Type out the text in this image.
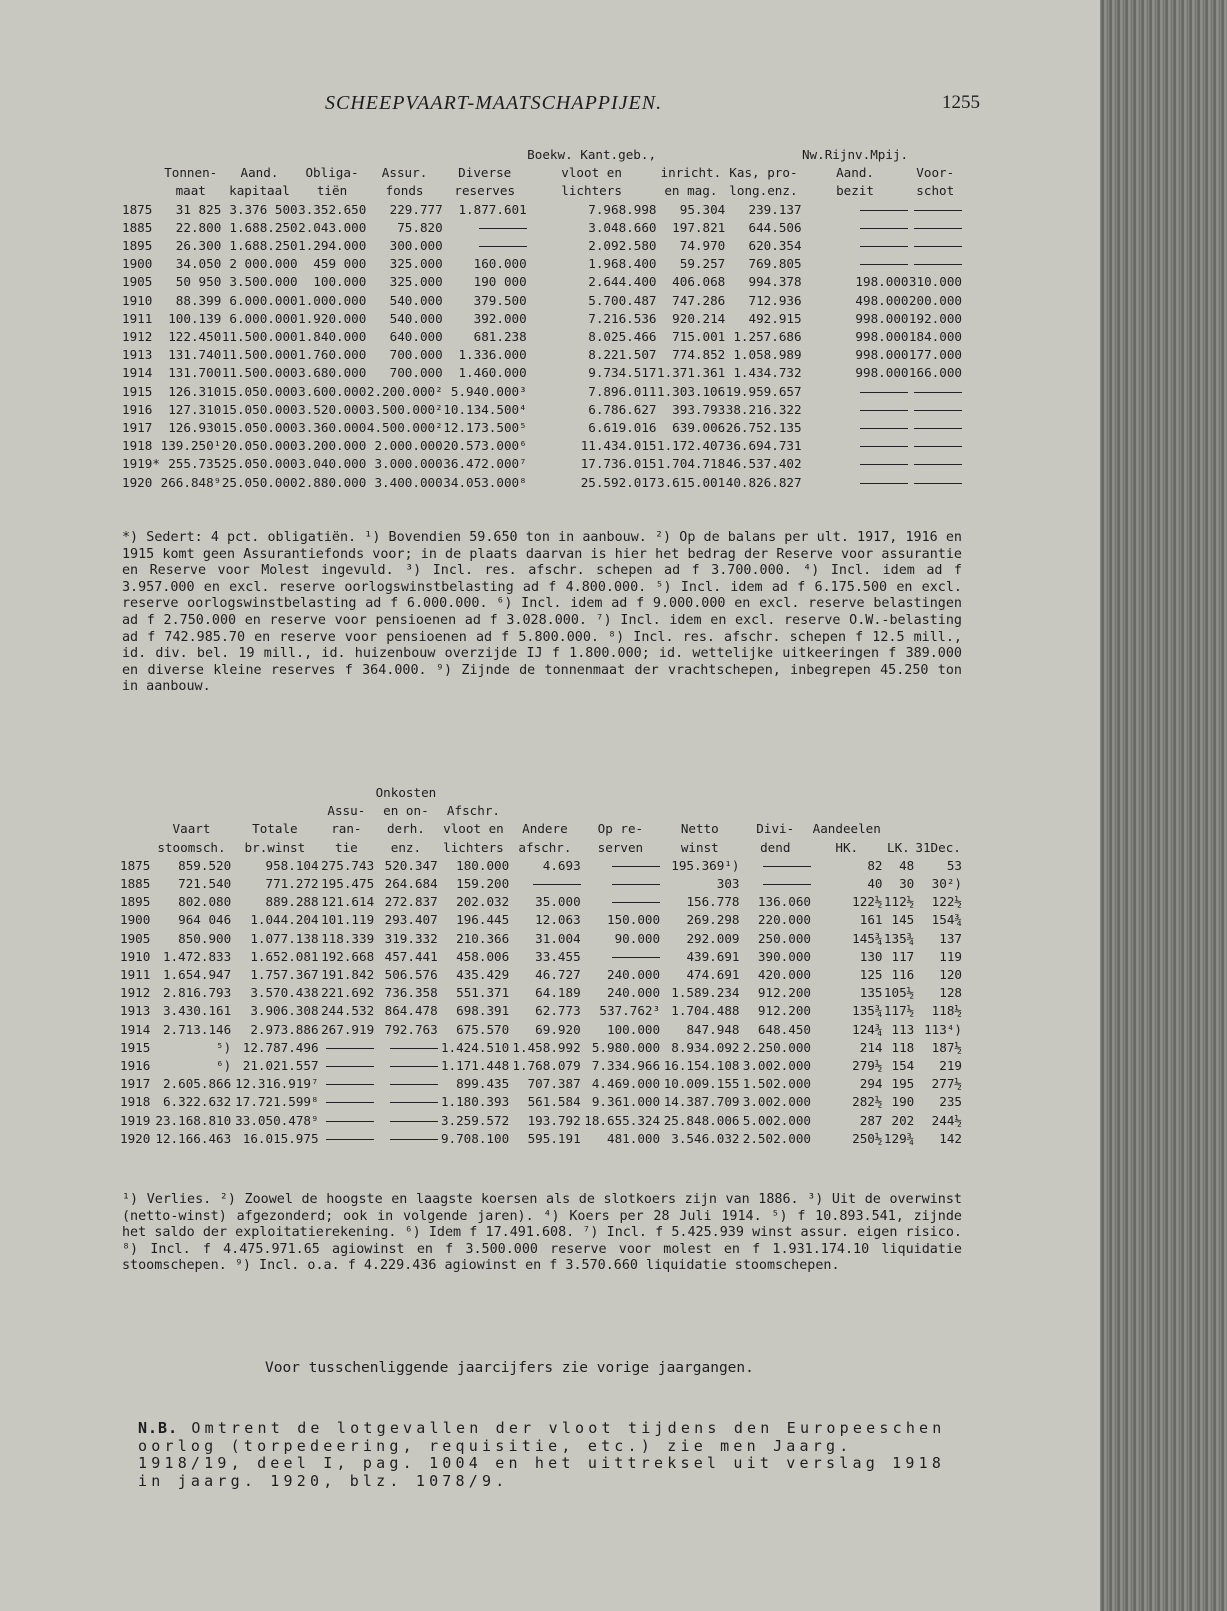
SCHEEPVAART-MAATSCHAPPIJEN.	1255
						Boekw. Kant.geb.,			Nw.Rijnv.Mpij.	
	Tonnen-	Aand.	Obliga-	Assur.	Diverse	vloot en	inricht.	Kas, pro-	Aand.	Voor-
	maat	kapitaal	tiën	fonds	reserves	lichters	en mag.	long.enz.	bezit	schot
1875	31 825	3.376 500	3.352.650	229.777	1.877.601	7.968.998	95.304	239.137		
1885	22.800	1.688.250	2.043.000	75.820		3.048.660	197.821	644.506		
1895	26.300	1.688.250	1.294.000	300.000		2.092.580	74.970	620.354		
1900	34.050	2 000.000	459 000	325.000	160.000	1.968.400	59.257	769.805		
1905	50 950	3.500.000	100.000	325.000	190 000	2.644.400	406.068	994.378	198.000	310.000
1910	88.399	6.000.000	1.000.000	540.000	379.500	5.700.487	747.286	712.936	498.000	200.000
1911	100.139	6.000.000	1.920.000	540.000	392.000	7.216.536	920.214	492.915	998.000	192.000
1912	122.450	11.500.000	1.840.000	640.000	681.238	8.025.466	715.001	1.257.686	998.000	184.000
1913	131.740	11.500.000	1.760.000	700.000	1.336.000	8.221.507	774.852	1.058.989	998.000	177.000
1914	131.700	11.500.000	3.680.000	700.000	1.460.000	9.734.517	1.371.361	1.434.732	998.000	166.000
1915	126.310	15.050.000	3.600.000	2.200.000²	5.940.000³	7.896.011	1.303.106	19.959.657		
1916	127.310	15.050.000	3.520.000	3.500.000²	10.134.500⁴	6.786.627	393.793	38.216.322		
1917	126.930	15.050.000	3.360.000	4.500.000²	12.173.500⁵	6.619.016	639.006	26.752.135		
1918	139.250¹	20.050.000	3.200.000	2.000.000	20.573.000⁶	11.434.015	1.172.407	36.694.731		
1919*	255.735	25.050.000	3.040.000	3.000.000	36.472.000⁷	17.736.015	1.704.718	46.537.402		
1920	266.848⁹	25.050.000	2.880.000	3.400.000	34.053.000⁸	25.592.017	3.615.001	40.826.827		
*) Sedert: 4 pct. obligatiën. ¹) Bovendien 59.650 ton in aanbouw. ²) Op de balans per ult. 1917, 1916 en 1915 komt geen Assurantiefonds voor; in de plaats daarvan is hier het bedrag der Reserve voor assurantie en Reserve voor Molest ingevuld. ³) Incl. res. afschr. schepen ad f 3.700.000. ⁴) Incl. idem ad f 3.957.000 en excl. reserve oorlogswinstbelasting ad f 4.800.000. ⁵) Incl. idem ad f 6.175.500 en excl. reserve oorlogswinstbelasting ad f 6.000.000. ⁶) Incl. idem ad f 9.000.000 en excl. reserve belastingen ad f 2.750.000 en reserve voor pensioenen ad f 3.028.000. ⁷) Incl. idem en excl. reserve O.W.-belasting ad f 742.985.70 en reserve voor pensioenen ad f 5.800.000. ⁸) Incl. res. afschr. schepen f 12.5 mill., id. div. bel. 19 mill., id. huizenbouw overzijde IJ f 1.800.000; id. wettelijke uitkeeringen f 389.000 en diverse kleine reserves f 364.000. ⁹) Zijnde de tonnenmaat der vrachtschepen, inbegrepen 45.250 ton in aanbouw.
				Onkosten								
			Assu-	en on-	Afschr.							
	Vaart	Totale	ran-	derh.	vloot en	Andere	Op re-	Netto	Divi-	Aandeelen		
	stoomsch.	br.winst	tie	enz.	lichters	afschr.	serven	winst	dend	HK.	LK.	31Dec.
1875	859.520	958.104	275.743	520.347	180.000	4.693		195.369¹)		82	48	53
1885	721.540	771.272	195.475	264.684	159.200			303		40	30	30²)
1895	802.080	889.288	121.614	272.837	202.032	35.000		156.778	136.060	122½	112½	122½
1900	964 046	1.044.204	101.119	293.407	196.445	12.063	150.000	269.298	220.000	161	145	154¾
1905	850.900	1.077.138	118.339	319.332	210.366	31.004	90.000	292.009	250.000	145¾	135¾	137
1910	1.472.833	1.652.081	192.668	457.441	458.006	33.455		439.691	390.000	130	117	119
1911	1.654.947	1.757.367	191.842	506.576	435.429	46.727	240.000	474.691	420.000	125	116	120
1912	2.816.793	3.570.438	221.692	736.358	551.371	64.189	240.000	1.589.234	912.200	135	105½	128
1913	3.430.161	3.906.308	244.532	864.478	698.391	62.773	537.762³	1.704.488	912.200	135¾	117½	118½
1914	2.713.146	2.973.886	267.919	792.763	675.570	69.920	100.000	847.948	648.450	124¾	113	113⁴)
1915	⁵)	12.787.496			1.424.510	1.458.992	5.980.000	8.934.092	2.250.000	214	118	187½
1916	⁶)	21.021.557			1.171.448	1.768.079	7.334.966	16.154.108	3.002.000	279½	154	219
1917	2.605.866	12.316.919⁷			899.435	707.387	4.469.000	10.009.155	1.502.000	294	195	277½
1918	6.322.632	17.721.599⁸			1.180.393	561.584	9.361.000	14.387.709	3.002.000	282½	190	235
1919	23.168.810	33.050.478⁹			3.259.572	193.792	18.655.324	25.848.006	5.002.000	287	202	244½
1920	12.166.463	16.015.975			9.708.100	595.191	481.000	3.546.032	2.502.000	250½	129¾	142
¹) Verlies. ²) Zoowel de hoogste en laagste koersen als de slotkoers zijn van 1886. ³) Uit de overwinst (netto-winst) afgezonderd; ook in volgende jaren). ⁴) Koers per 28 Juli 1914. ⁵) f 10.893.541, zijnde het saldo der exploitatierekening. ⁶) Idem f 17.491.608. ⁷) Incl. f 5.425.939 winst assur. eigen risico. ⁸) Incl. f 4.475.971.65 agiowinst en f 3.500.000 reserve voor molest en f 1.931.174.10 liquidatie stoomschepen. ⁹) Incl. o.a. f 4.229.436 agiowinst en f 3.570.660 liquidatie stoomschepen.
Voor tusschenliggende jaarcijfers zie vorige jaargangen.
N.B. Omtrent de lotgevallen der vloot tijdens den Europeeschen oorlog (torpedeering, requisitie, etc.) zie men Jaarg. 1918/19, deel I, pag. 1004 en het uittreksel uit verslag 1918 in jaarg. 1920, blz. 1078/9.
